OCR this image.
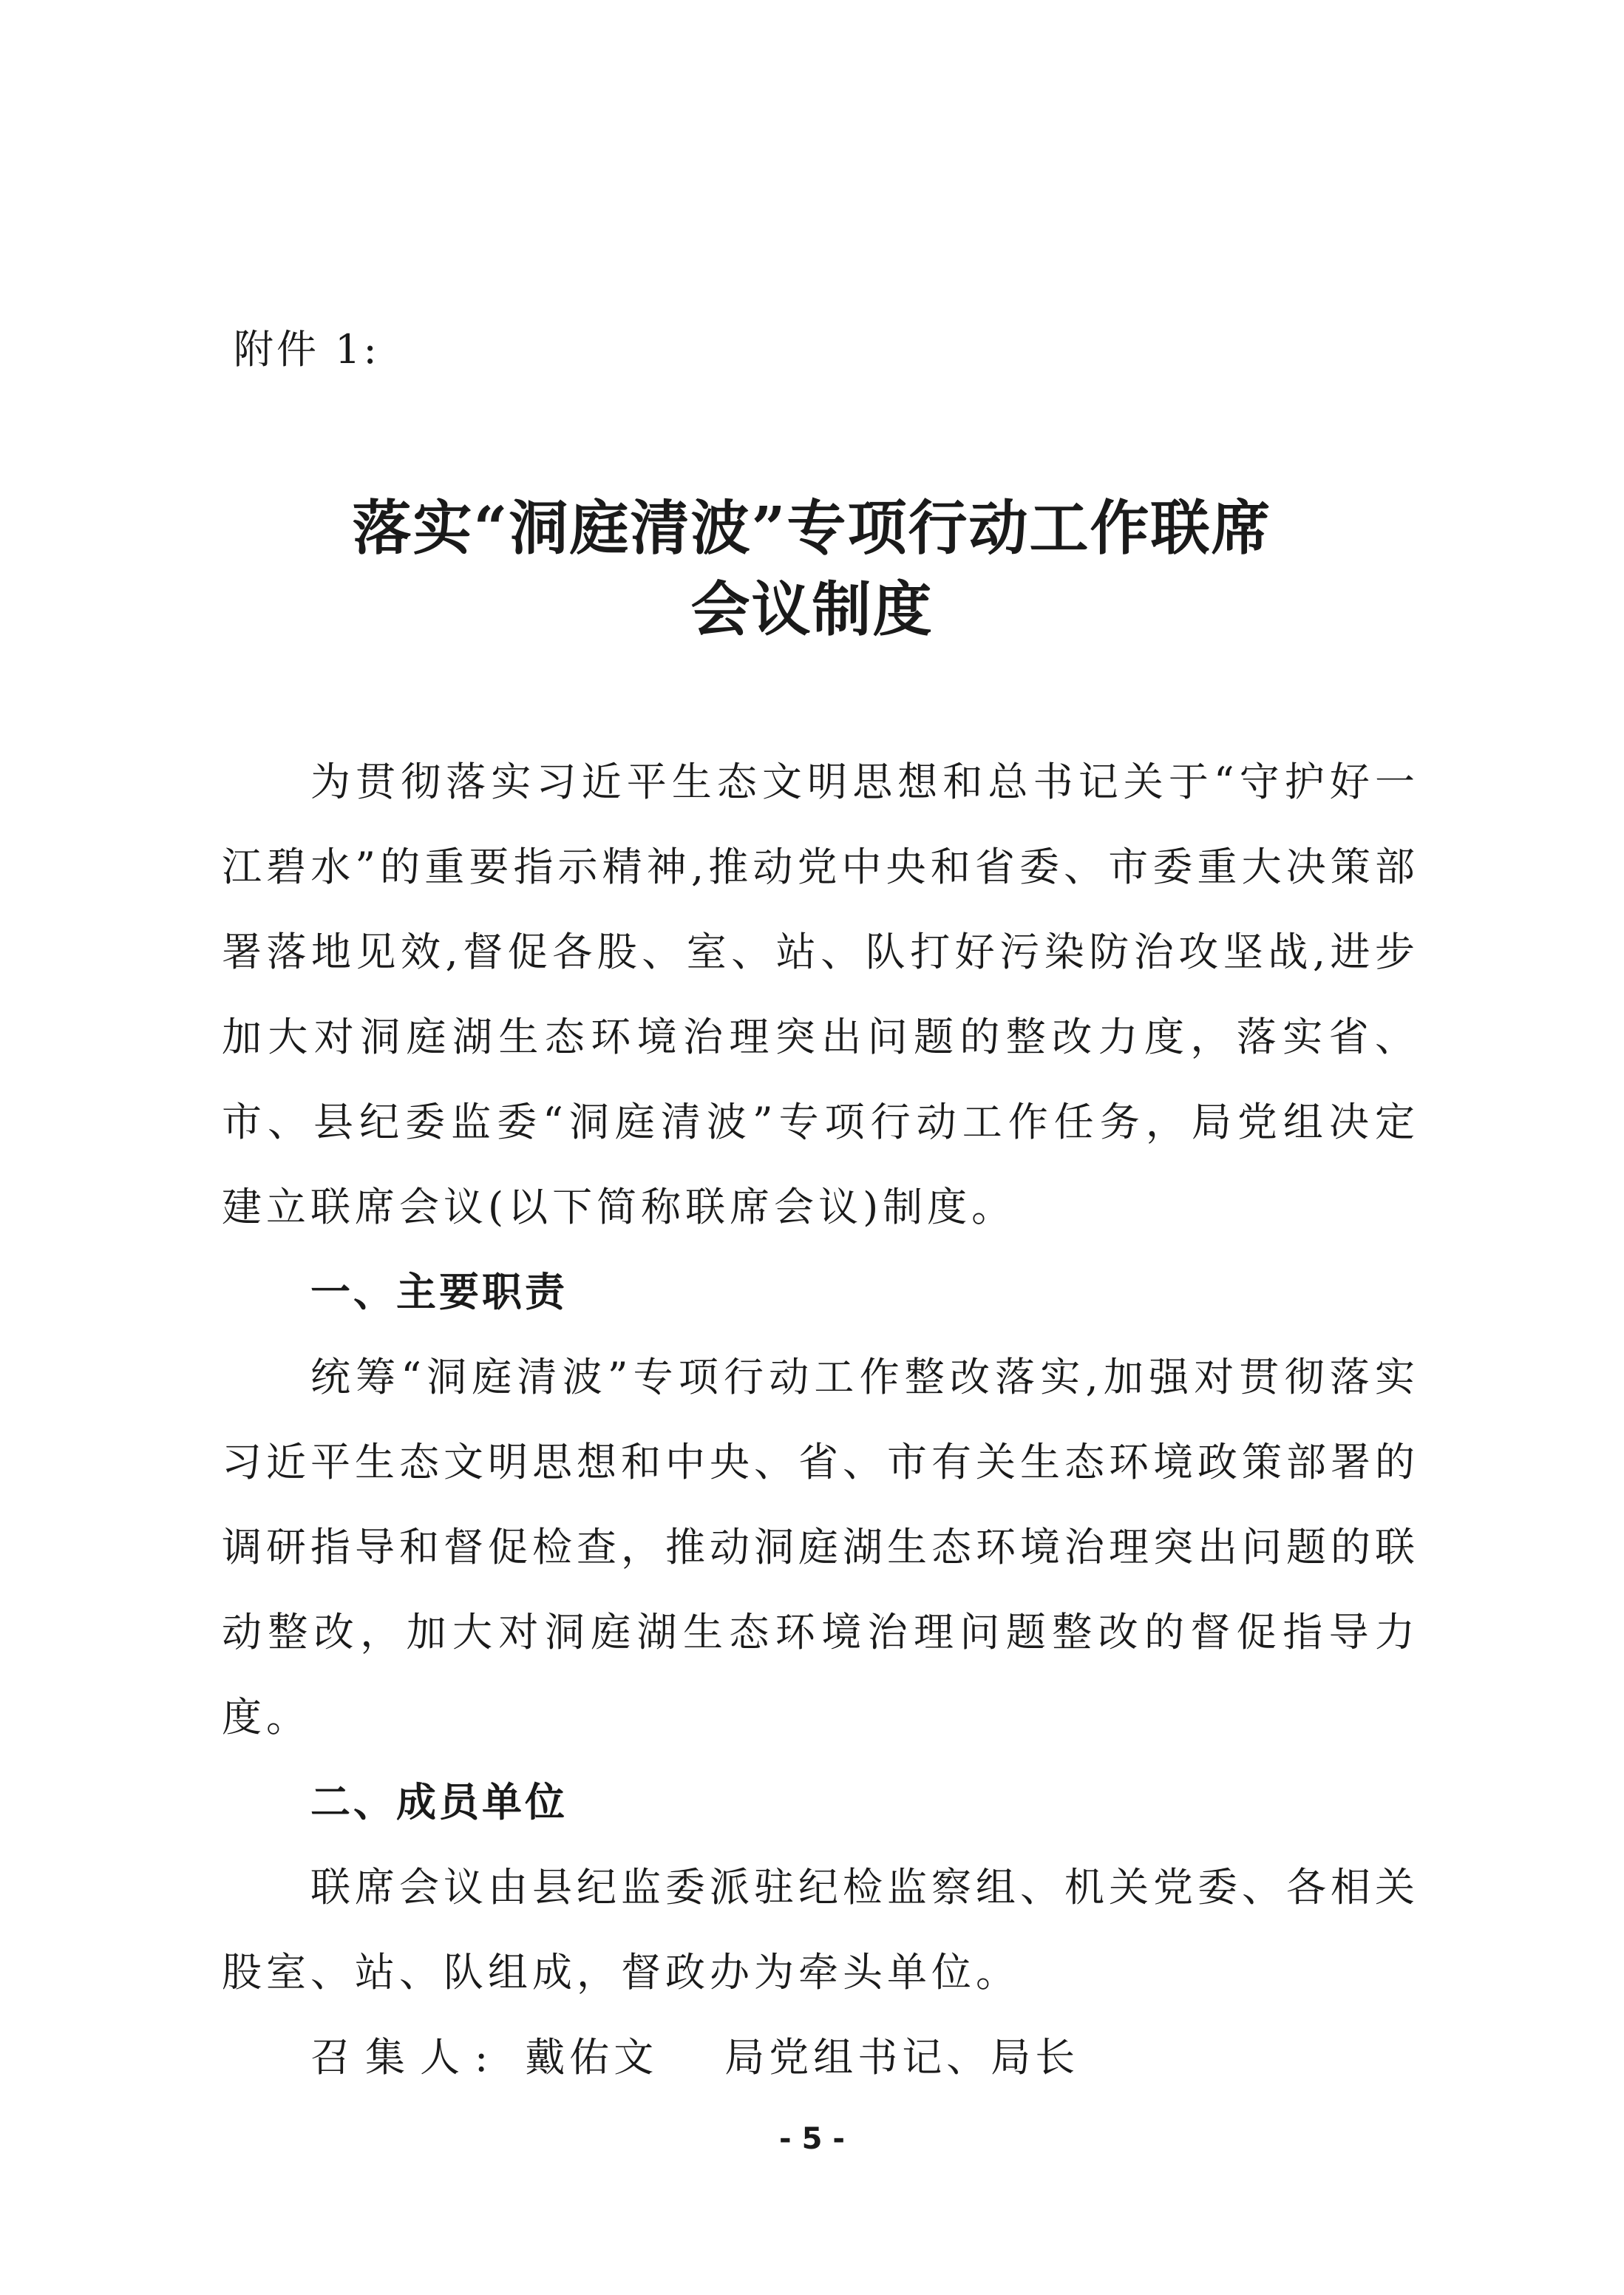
附件 1:
落实“洞庭清波”专项行动工作联席
会议制度

为贯彻落实习近平生态文明思想和总书记关于“守护好一江碧水”的重要指示精神,推动党中央和省委、市委重大决策部署落地见效,督促各股、室、站、队打好污染防治攻坚战,进步加大对洞庭湖生态环境治理突出问题的整改力度，落实省、市、县纪委监委“洞庭清波”专项行动工作任务，局党组决定建立联席会议(以下简称联席会议)制度。

一、主要职责

统筹“洞庭清波”专项行动工作整改落实,加强对贯彻落实习近平生态文明思想和中央、省、市有关生态环境政策部署的调研指导和督促检查，推动洞庭湖生态环境治理突出问题的联动整改，加大对洞庭湖生态环境治理问题整改的督促指导力度。

二、成员单位

联席会议由县纪监委派驻纪检监察组、机关党委、各相关股室、站、队组成，督政办为牵头单位。

召集人: 戴佑文 局党组书记、局长

- 5 -
